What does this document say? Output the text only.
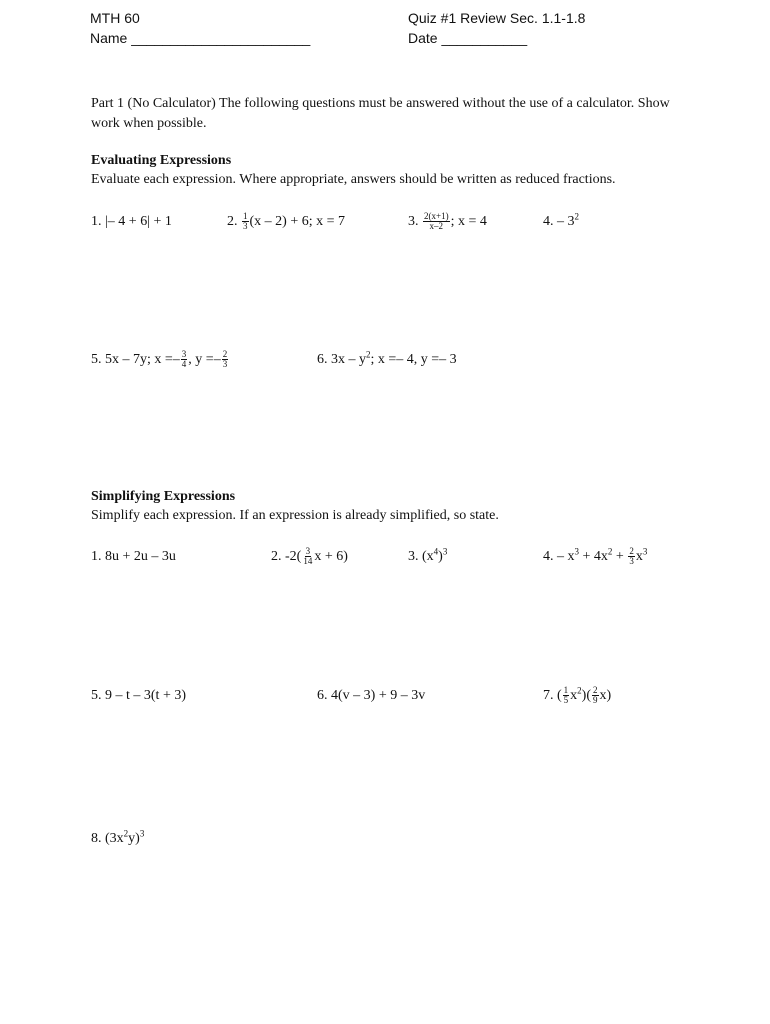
MTH 60
Name _______________________
Quiz #1 Review Sec. 1.1-1.8
Date ___________
Part 1 (No Calculator) The following questions must be answered without the use of a calculator. Show work when possible.
Evaluating Expressions
Evaluate each expression. Where appropriate, answers should be written as reduced fractions.
1. |– 4 + 6| + 1	2. $\frac{1}{3} (x - 2) + 6$; x = 7	3. $\frac{2(x+1)}{x-2}$ ; x = 4	4. – $3^2$
5. 5x – 7y; $x =- \frac{3}{4}$ , $y =- \frac{2}{3}$	6. $3x - y^2$; x =– 4, y =– 3
Simplifying Expressions
Simplify each expression. If an expression is already simplified, so state.
1. 8u + 2u – 3u	2. $-2( \frac{3}{14}$ x + 6)	3. $(x^4)^3$	4. – $x^3 + 4x^2 + \frac{2}{3} x^3$
5. 9 – t – 3(t + 3)	6. 4(v – 3) + 9 – 3v	7. ( $\frac{1}{5} x^2)( \frac{2}{9} x)$
8. $(3x^2y)^3$
